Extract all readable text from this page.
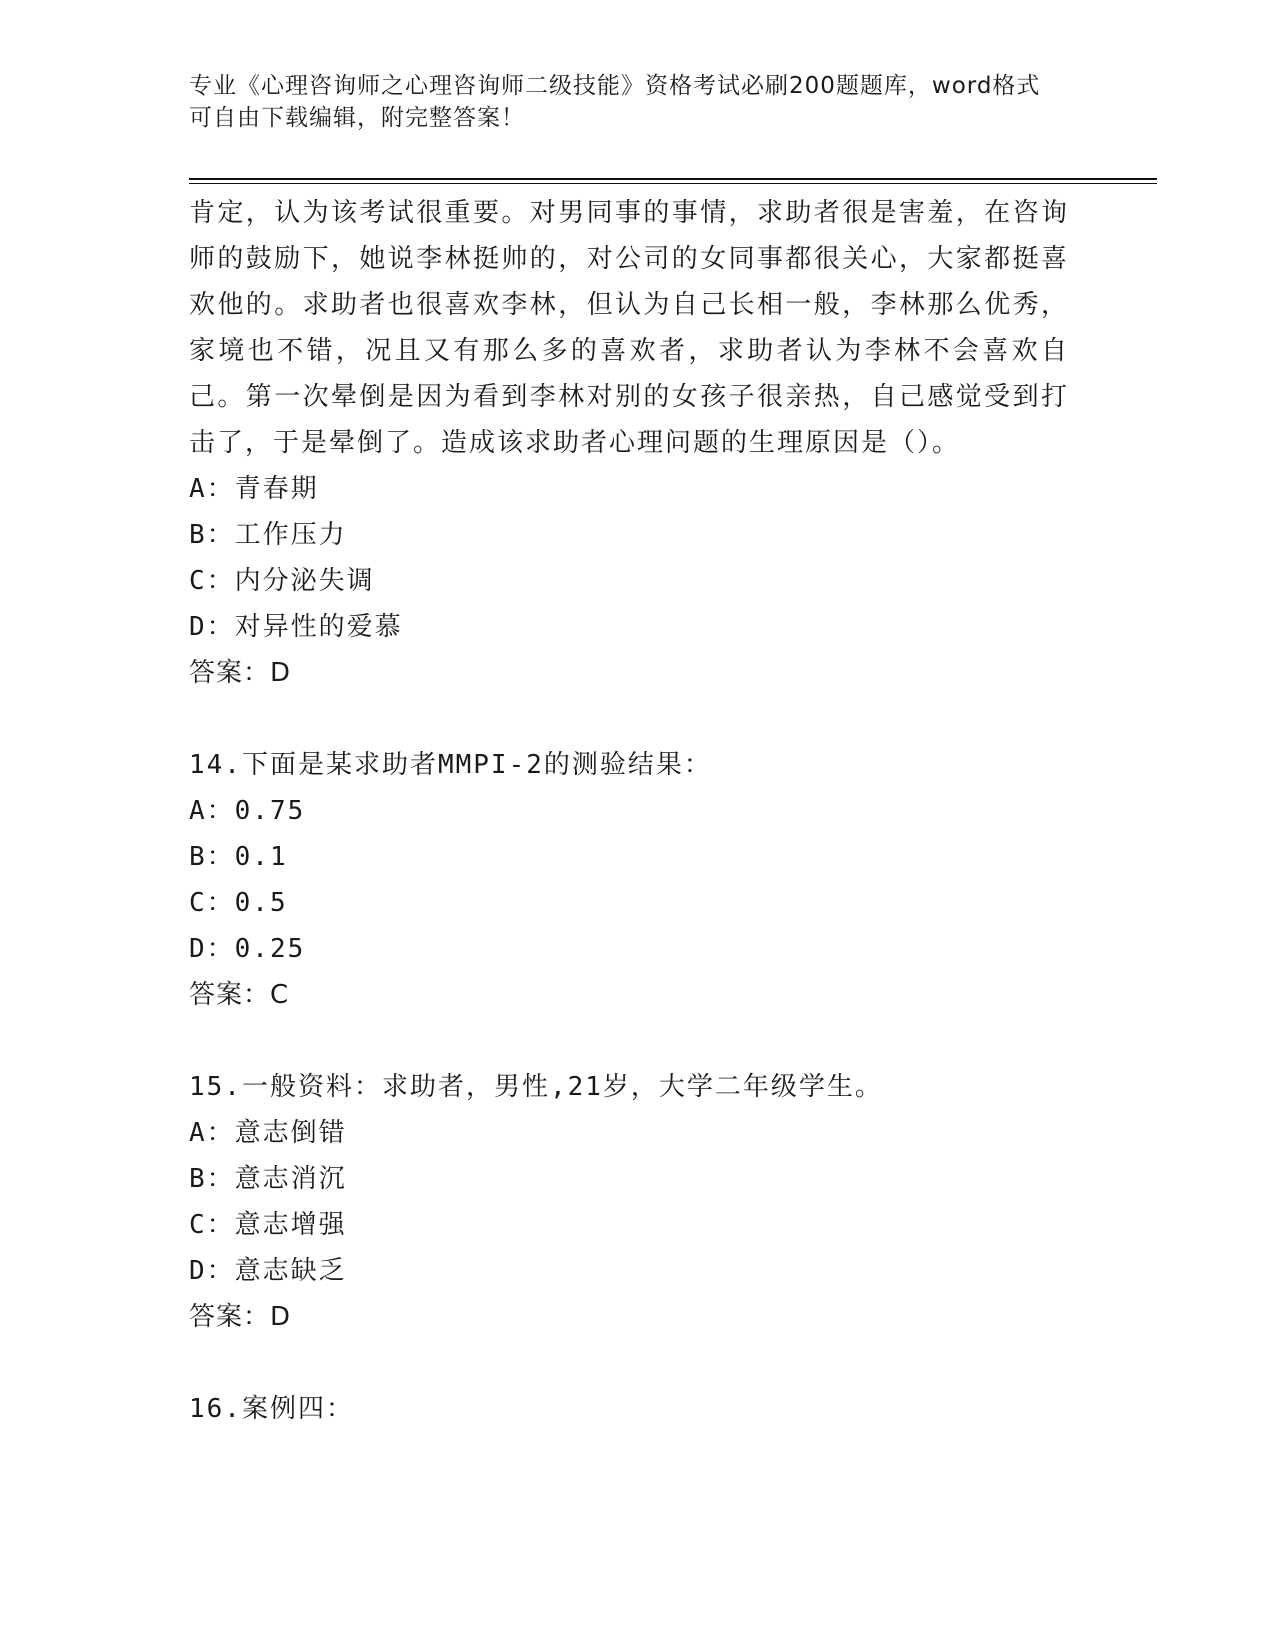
专业《心理咨询师之心理咨询师二级技能》资格考试必刷200题题库，word格式
可自由下载编辑，附完整答案！
肯定，认为该考试很重要。对男同事的事情，求助者很是害羞，在咨询师的鼓励下，她说李林挺帅的，对公司的女同事都很关心，大家都挺喜欢他的。求助者也很喜欢李林，但认为自己长相一般，李林那么优秀，家境也不错，况且又有那么多的喜欢者，求助者认为李林不会喜欢自己。第一次晕倒是因为看到李林对别的女孩子很亲热，自己感觉受到打击了，于是晕倒了。造成该求助者心理问题的生理原因是（）。
A：青春期
B：工作压力
C：内分泌失调
D：对异性的爱慕
答案：D
14.下面是某求助者MMPI-2的测验结果：
A：0.75
B：0.1
C：0.5
D：0.25
答案：C
15.一般资料：求助者，男性,21岁，大学二年级学生。
A：意志倒错
B：意志消沉
C：意志增强
D：意志缺乏
答案：D
16.案例四：
